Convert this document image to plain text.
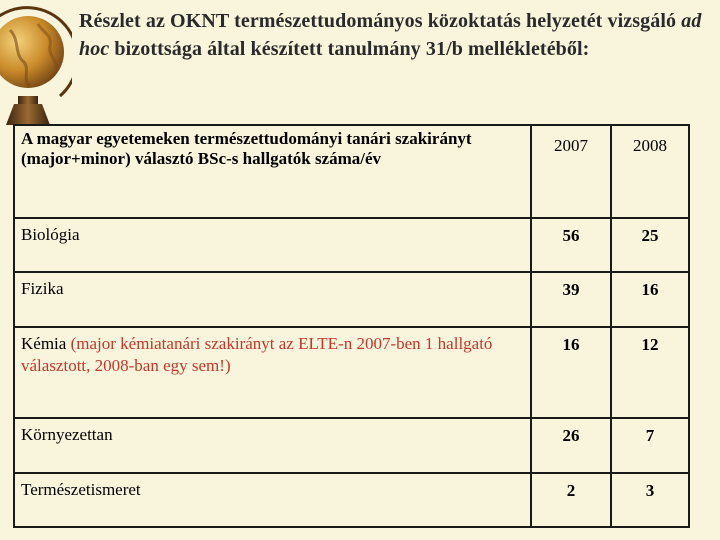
Részlet az OKNT természettudományos közoktatás helyzetét vizsgáló ad hoc bizottsága által készített tanulmány 31/b mellékletéből:
A magyar egyetemeken természettudományi tanári szakirányt (major+minor) választó BSc-s hallgatók száma/év	2007	2008
Biológia	56	25
Fizika	39	16
Kémia (major kémiatanári szakirányt az ELTE-n 2007-ben 1 hallgató választott, 2008-ban egy sem!)	16	12
Környezettan	26	7
Természetismeret	2	3
